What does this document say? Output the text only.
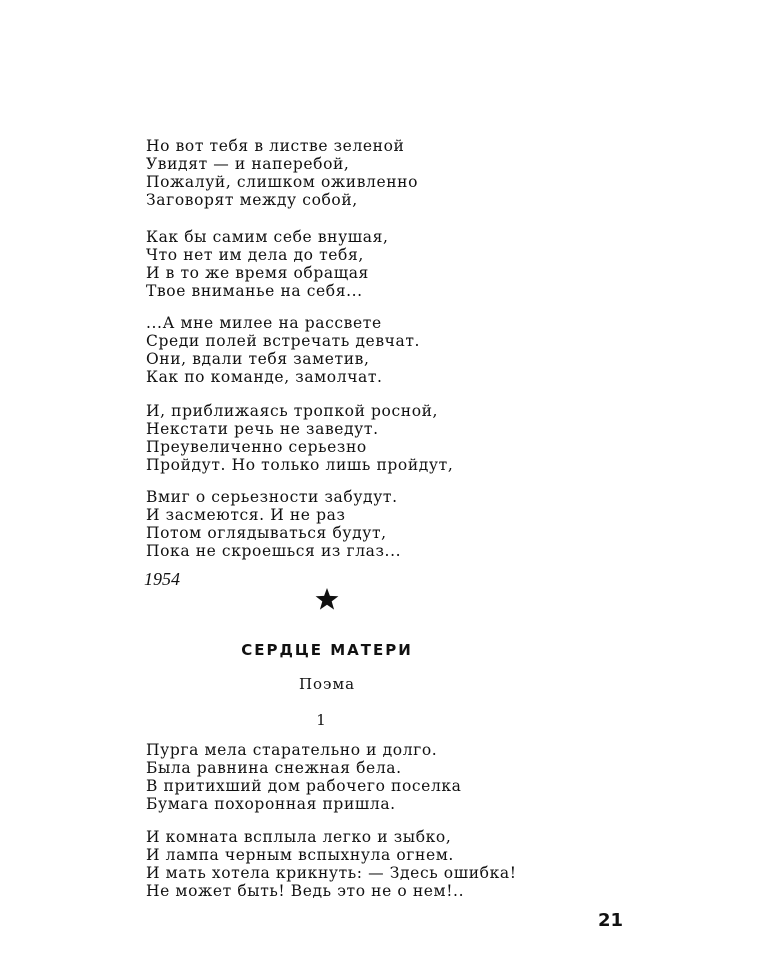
Но вот тебя в листве зеленой
Увидят — и наперебой,
Пожалуй, слишком оживленно
Заговорят между собой,
Как бы самим себе внушая,
Что нет им дела до тебя,
И в то же время обращая
Твое вниманье на себя...
...А мне милее на рассвете
Среди полей встречать девчат.
Они, вдали тебя заметив,
Как по команде, замолчат.
И, приближаясь тропкой росной,
Некстати речь не заведут.
Преувеличенно серьезно
Пройдут. Но только лишь пройдут,
Вмиг о серьезности забудут.
И засмеются. И не раз
Потом оглядываться будут,
Пока не скроешься из глаз...
1954
СЕРДЦЕ МАТЕРИ
Поэма
1
Пурга мела старательно и долго.
Была равнина снежная бела.
В притихший дом рабочего поселка
Бумага похоронная пришла.
И комната всплыла легко и зыбко,
И лампа черным вспыхнула огнем.
И мать хотела крикнуть: — Здесь ошибка!
Не может быть! Ведь это не о нем!..
21
